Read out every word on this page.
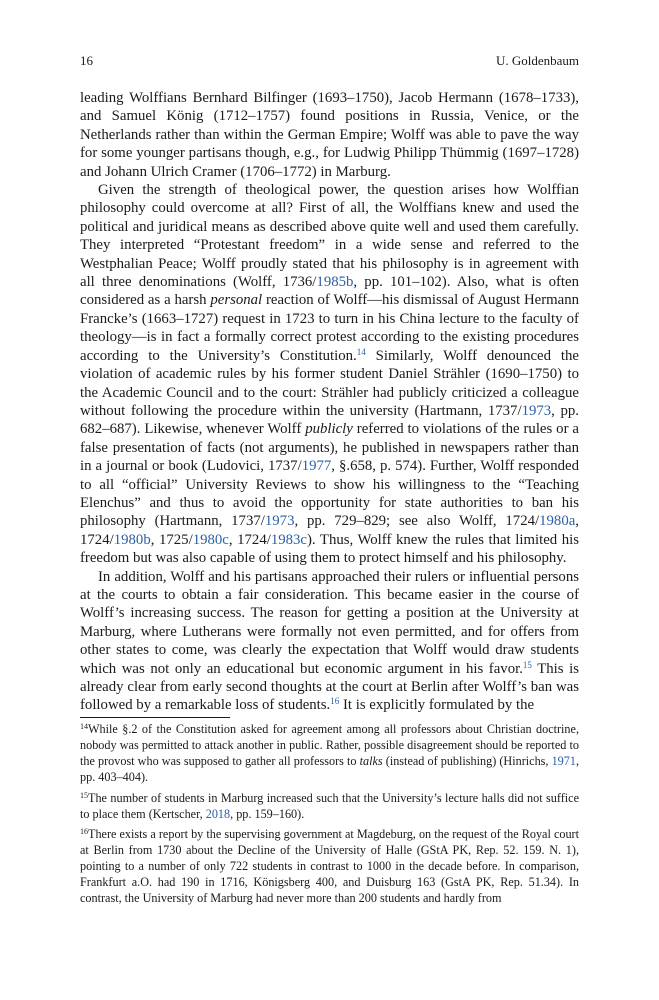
16	U. Goldenbaum

leading Wolffians Bernhard Bilfinger (1693–1750), Jacob Hermann (1678–1733), and Samuel König (1712–1757) found positions in Russia, Venice, or the Netherlands rather than within the German Empire; Wolff was able to pave the way for some younger partisans though, e.g., for Ludwig Philipp Thümmig (1697–1728) and Johann Ulrich Cramer (1706–1772) in Marburg.

Given the strength of theological power, the question arises how Wolffian philosophy could overcome at all? First of all, the Wolffians knew and used the political and juridical means as described above quite well and used them carefully. They interpreted “Protestant freedom” in a wide sense and referred to the Westphalian Peace; Wolff proudly stated that his philosophy is in agreement with all three denominations (Wolff, 1736/1985b, pp. 101–102). Also, what is often considered as a harsh personal reaction of Wolff—his dismissal of August Hermann Francke’s (1663–1727) request in 1723 to turn in his China lecture to the faculty of theology—is in fact a formally correct protest according to the existing procedures according to the University’s Constitution.$^{14}$ Similarly, Wolff denounced the violation of academic rules by his former student Daniel Strähler (1690–1750) to the Academic Council and to the court: Strähler had publicly criticized a colleague without following the procedure within the university (Hartmann, 1737/1973, pp. 682–687). Likewise, whenever Wolff publicly referred to violations of the rules or a false presentation of facts (not arguments), he published in newspapers rather than in a journal or book (Ludovici, 1737/1977, §.658, p. 574). Further, Wolff responded to all “official” University Reviews to show his willingness to the “Teaching Elenchus” and thus to avoid the opportunity for state authorities to ban his philosophy (Hartmann, 1737/1973, pp. 729–829; see also Wolff, 1724/1980a, 1724/1980b, 1725/1980c, 1724/1983c). Thus, Wolff knew the rules that limited his freedom but was also capable of using them to protect himself and his philosophy.

In addition, Wolff and his partisans approached their rulers or influential persons at the courts to obtain a fair consideration. This became easier in the course of Wolff’s increasing success. The reason for getting a position at the University at Marburg, where Lutherans were formally not even permitted, and for offers from other states to come, was clearly the expectation that Wolff would draw students which was not only an educational but economic argument in his favor.$^{15}$ This is already clear from early second thoughts at the court at Berlin after Wolff’s ban was followed by a remarkable loss of students.$^{16}$ It is explicitly formulated by the

$^{14}$While §.2 of the Constitution asked for agreement among all professors about Christian doctrine, nobody was permitted to attack another in public. Rather, possible disagreement should be reported to the provost who was supposed to gather all professors to talks (instead of publishing) (Hinrichs, 1971, pp. 403–404).

$^{15}$The number of students in Marburg increased such that the University’s lecture halls did not suffice to place them (Kertscher, 2018, pp. 159–160).

$^{16}$There exists a report by the supervising government at Magdeburg, on the request of the Royal court at Berlin from 1730 about the Decline of the University of Halle (GStA PK, Rep. 52. 159. N. 1), pointing to a number of only 722 students in contrast to 1000 in the decade before. In comparison, Frankfurt a.O. had 190 in 1716, Königsberg 400, and Duisburg 163 (GstA PK, Rep. 51.34). In contrast, the University of Marburg had never more than 200 students and hardly from
